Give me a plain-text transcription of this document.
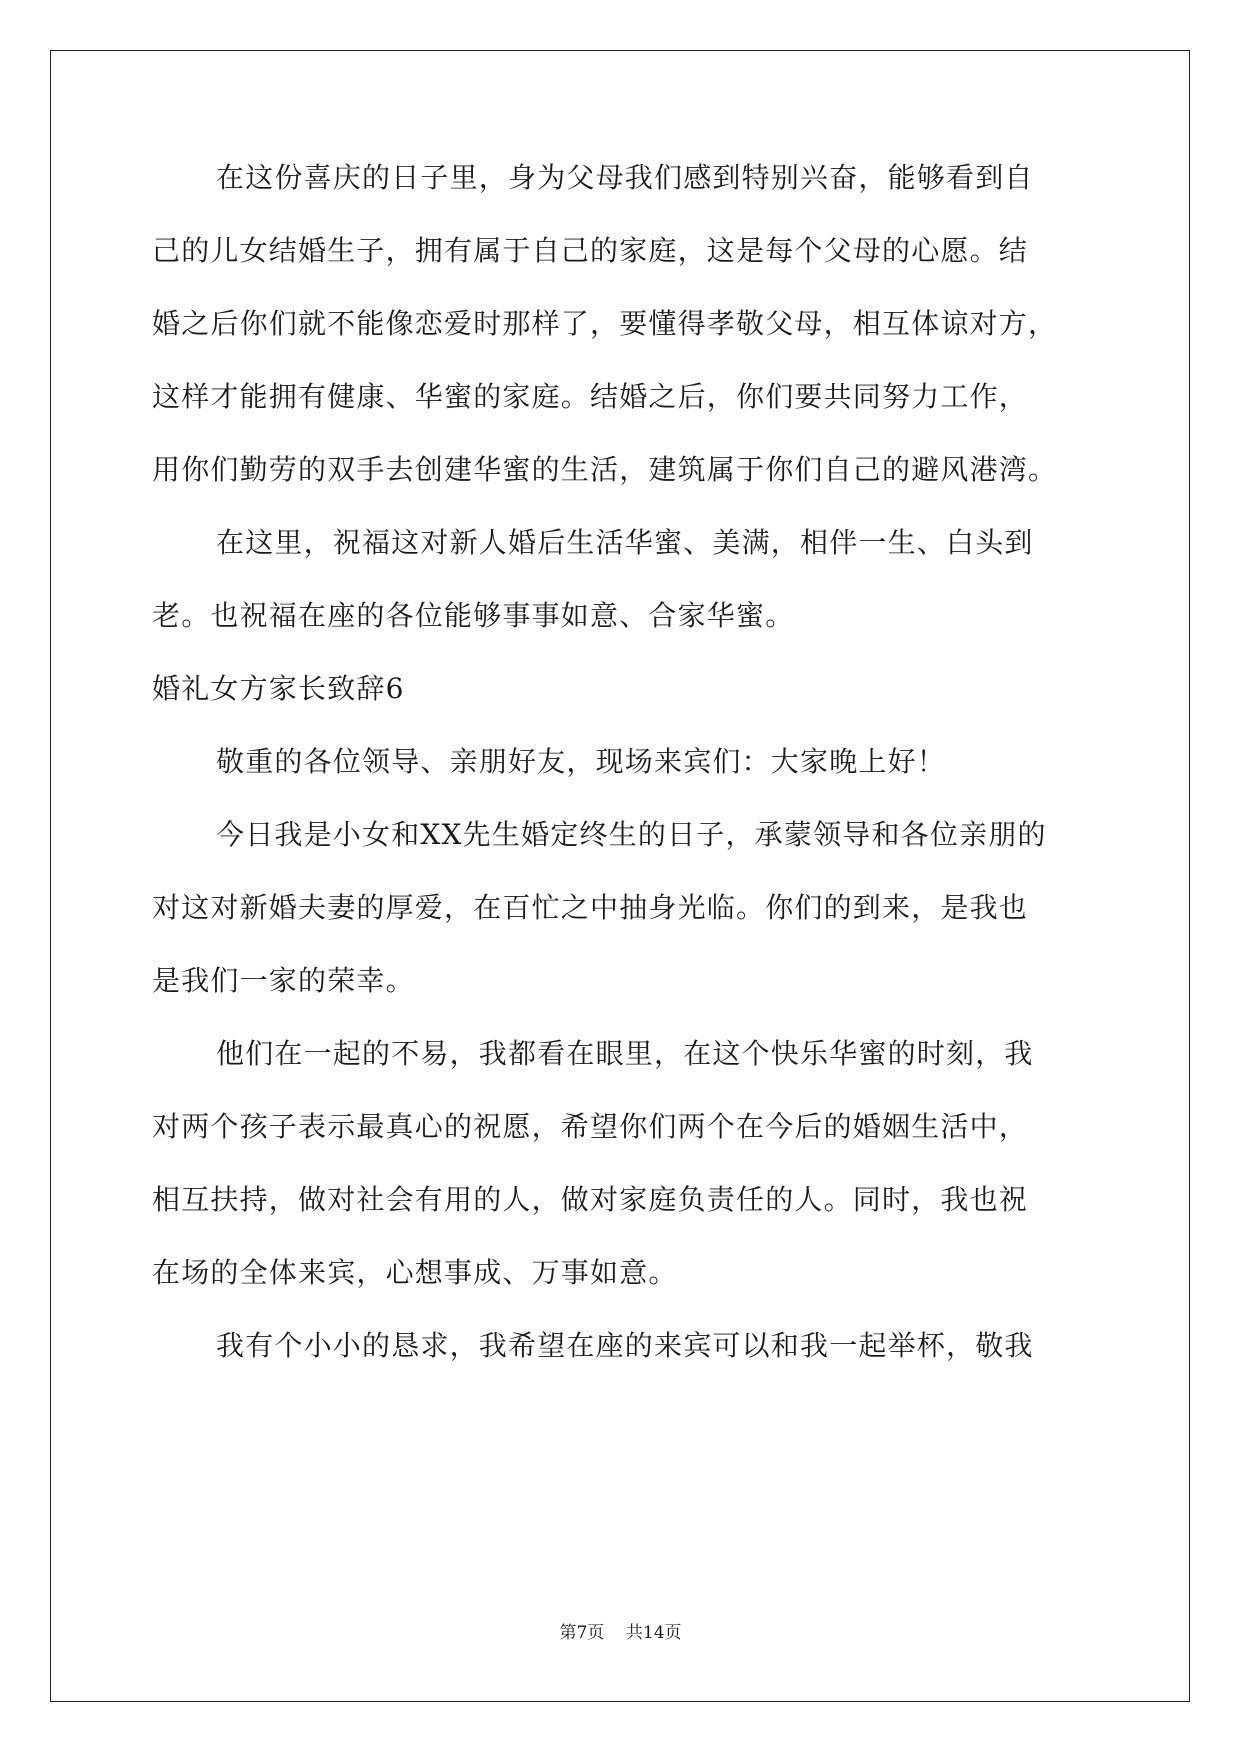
在这份喜庆的日子里，身为父母我们感到特别兴奋，能够看到自
己的儿女结婚生子，拥有属于自己的家庭，这是每个父母的心愿。结
婚之后你们就不能像恋爱时那样了，要懂得孝敬父母，相互体谅对方，
这样才能拥有健康、华蜜的家庭。结婚之后，你们要共同努力工作，
用你们勤劳的双手去创建华蜜的生活，建筑属于你们自己的避风港湾。
在这里，祝福这对新人婚后生活华蜜、美满，相伴一生、白头到
老。也祝福在座的各位能够事事如意、合家华蜜。
婚礼女方家长致辞6
敬重的各位领导、亲朋好友，现场来宾们：大家晚上好！
今日我是小女和XX先生婚定终生的日子，承蒙领导和各位亲朋的
对这对新婚夫妻的厚爱，在百忙之中抽身光临。你们的到来，是我也
是我们一家的荣幸。
他们在一起的不易，我都看在眼里，在这个快乐华蜜的时刻，我
对两个孩子表示最真心的祝愿，希望你们两个在今后的婚姻生活中，
相互扶持，做对社会有用的人，做对家庭负责任的人。同时，我也祝
在场的全体来宾，心想事成、万事如意。
我有个小小的恳求，我希望在座的来宾可以和我一起举杯，敬我
第7页 共14页
